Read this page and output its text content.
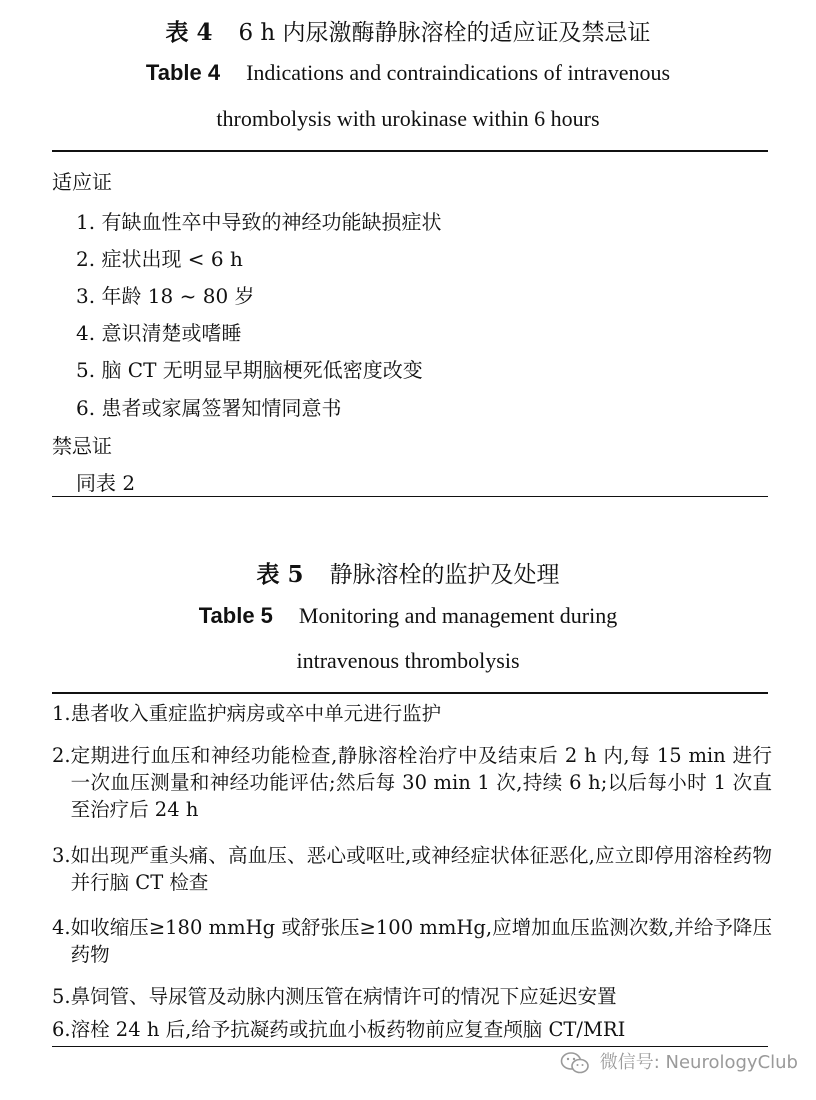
表 4 6 h 内尿激酶静脉溶栓的适应证及禁忌证
Table 4 Indications and contraindications of intravenous
thrombolysis with urokinase within 6 hours
适应证
1. 有缺血性卒中导致的神经功能缺损症状
2. 症状出现 < 6 h
3. 年龄 18 ~ 80 岁
4. 意识清楚或嗜睡
5. 脑 CT 无明显早期脑梗死低密度改变
6. 患者或家属签署知情同意书
禁忌证
同表 2
表 5 静脉溶栓的监护及处理
Table 5 Monitoring and management during
intravenous thrombolysis
1. 患者收入重症监护病房或卒中单元进行监护
2. 定期进行血压和神经功能检查,静脉溶栓治疗中及结束后 2 h 内,每 15 min 进行一次血压测量和神经功能评估;然后每 30 min 1 次,持续 6 h;以后每小时 1 次直至治疗后 24 h
3. 如出现严重头痛、高血压、恶心或呕吐,或神经症状体征恶化,应立即停用溶栓药物并行脑 CT 检查
4. 如收缩压≥180 mmHg 或舒张压≥100 mmHg,应增加血压监测次数,并给予降压药物
5. 鼻饲管、导尿管及动脉内测压管在病情许可的情况下应延迟安置
6. 溶栓 24 h 后,给予抗凝药或抗血小板药物前应复查颅脑 CT/MRI
微信号: NeurologyClub
